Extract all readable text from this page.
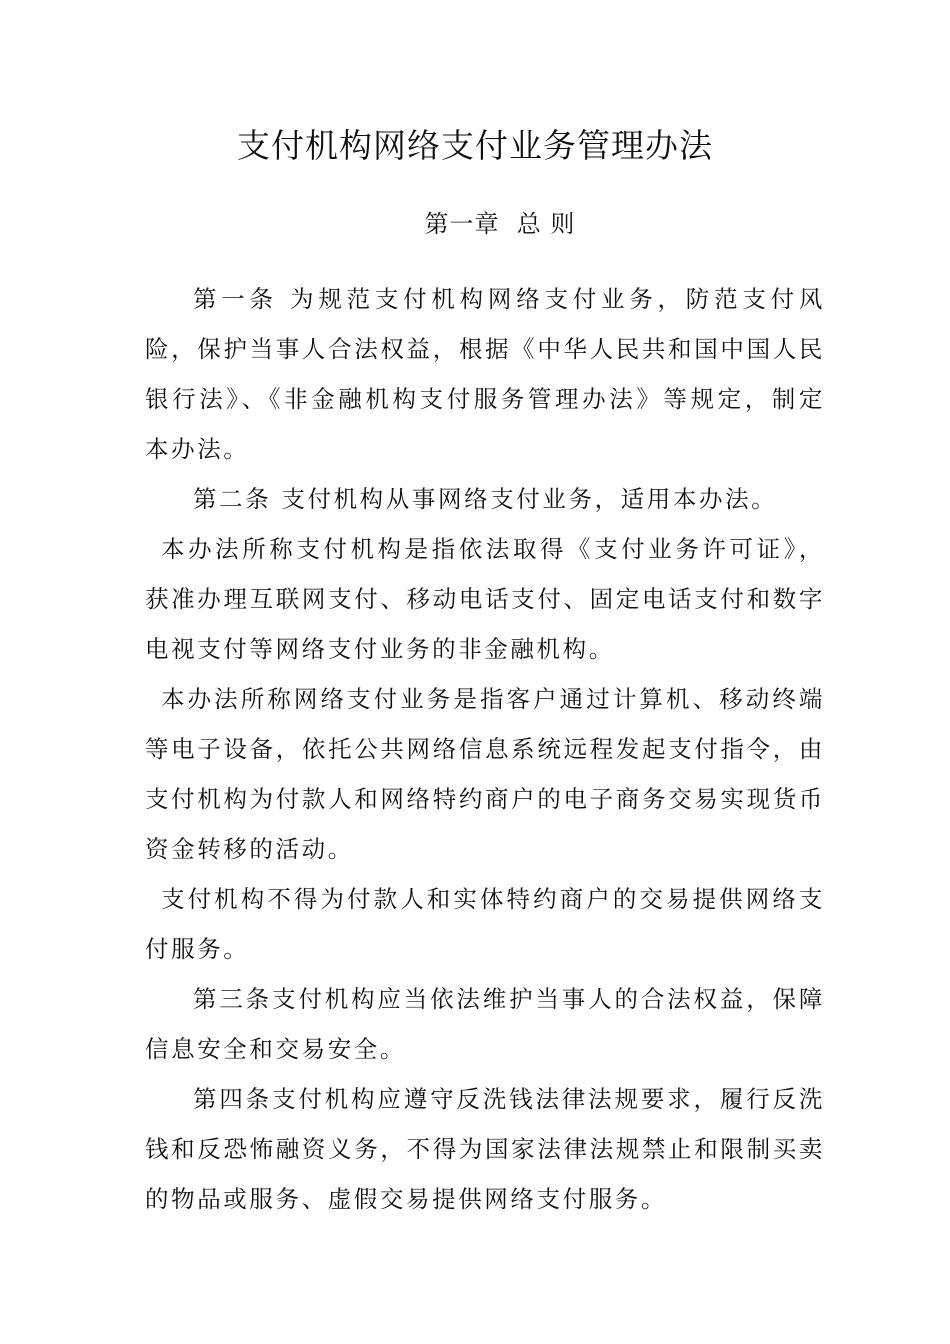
支付机构网络支付业务管理办法
第一章  总 则

第一条 为规范支付机构网络支付业务，防范支付风险，保护当事人合法权益，根据《中华人民共和国中国人民银行法》、《非金融机构支付服务管理办法》等规定，制定本办法。

第二条 支付机构从事网络支付业务，适用本办法。

本办法所称支付机构是指依法取得《支付业务许可证》，获准办理互联网支付、移动电话支付、固定电话支付和数字电视支付等网络支付业务的非金融机构。

本办法所称网络支付业务是指客户通过计算机、移动终端等电子设备，依托公共网络信息系统远程发起支付指令，由支付机构为付款人和网络特约商户的电子商务交易实现货币资金转移的活动。

支付机构不得为付款人和实体特约商户的交易提供网络支付服务。

第三条支付机构应当依法维护当事人的合法权益，保障信息安全和交易安全。

第四条支付机构应遵守反洗钱法律法规要求，履行反洗钱和反恐怖融资义务，不得为国家法律法规禁止和限制买卖的物品或服务、虚假交易提供网络支付服务。
